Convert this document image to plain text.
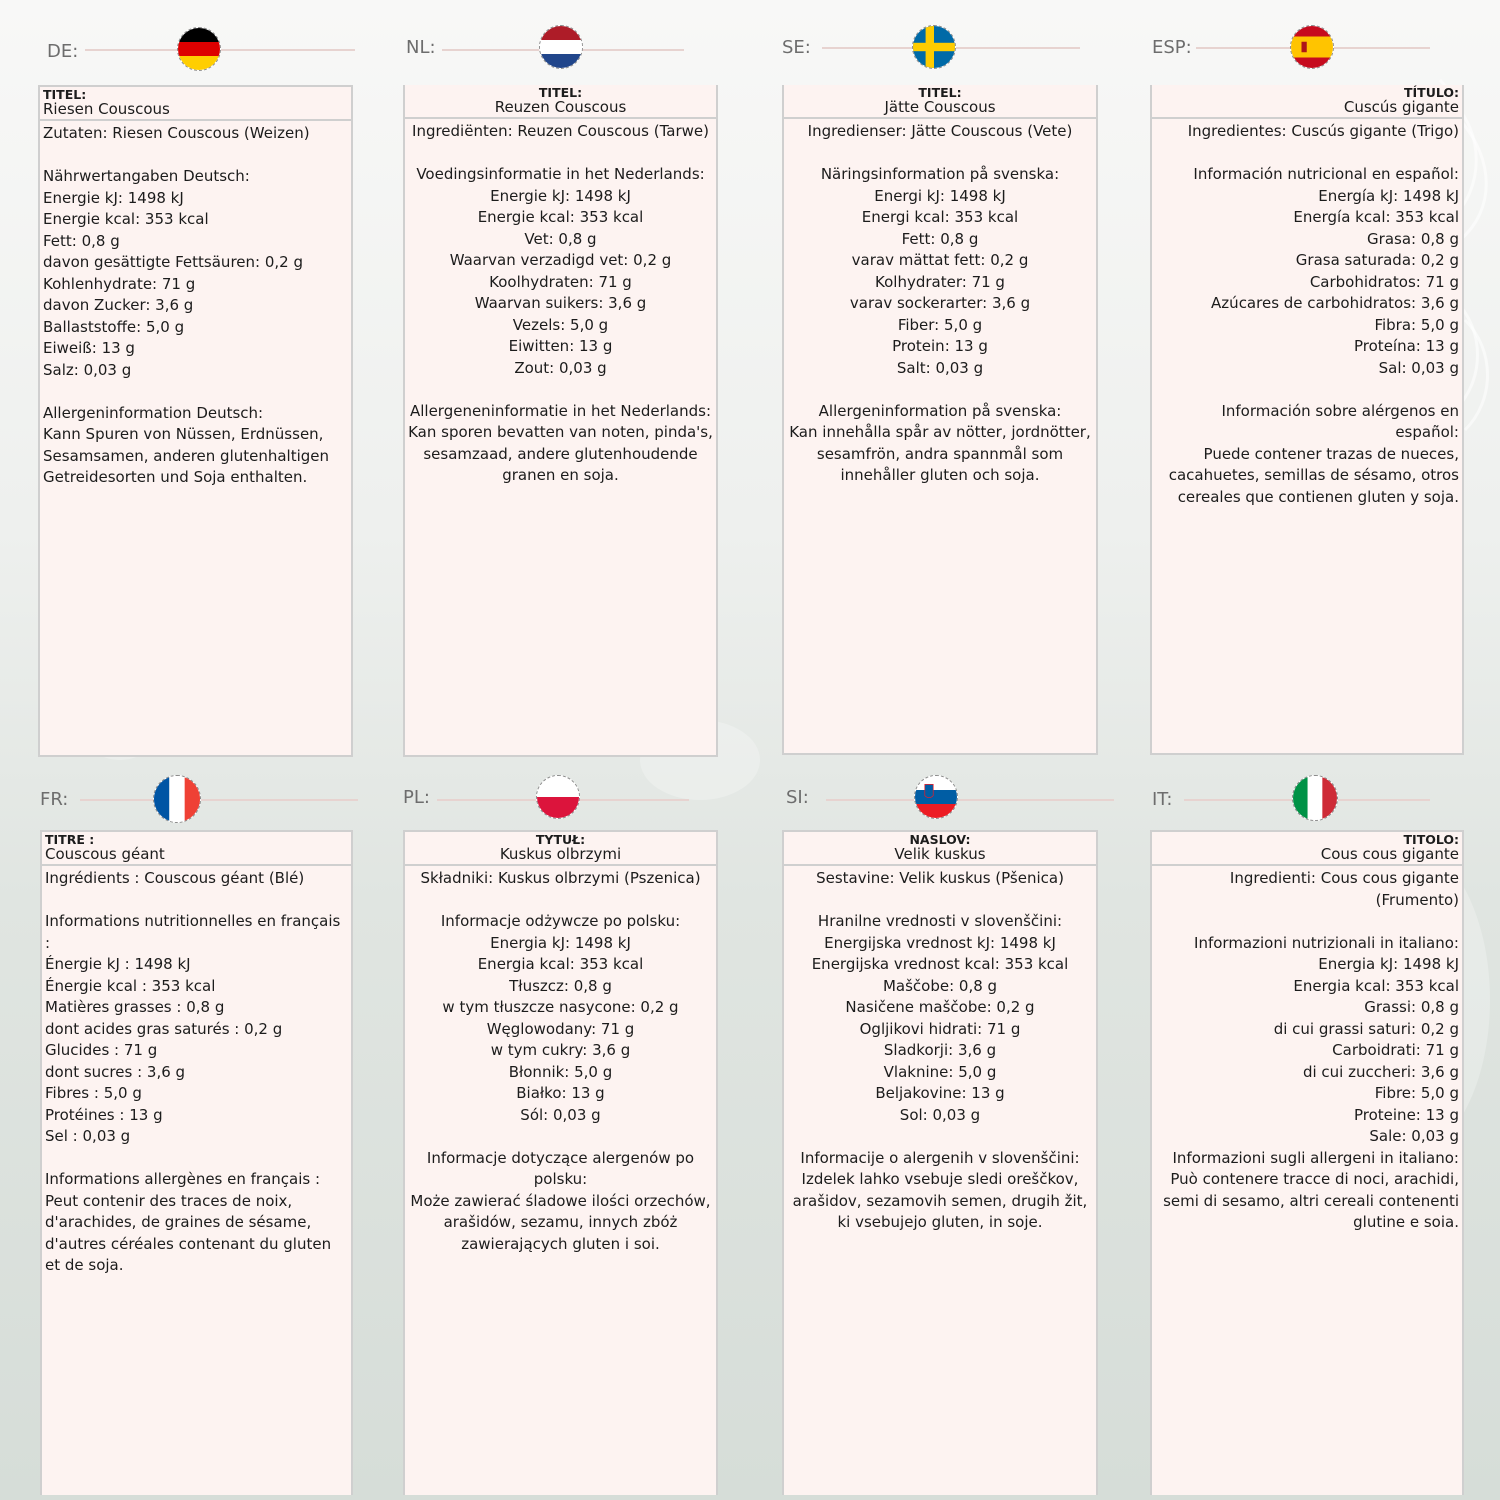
DE:
TITEL:
Riesen Couscous
Zutaten: Riesen Couscous (Weizen)

Nährwertangaben Deutsch:
Energie kJ: 1498 kJ
Energie kcal: 353 kcal
Fett: 0,8 g
davon gesättigte Fettsäuren: 0,2 g
Kohlenhydrate: 71 g
davon Zucker: 3,6 g
Ballaststoffe: 5,0 g
Eiweiß: 13 g
Salz: 0,03 g

Allergeninformation Deutsch:
Kann Spuren von Nüssen, Erdnüssen, Sesamsamen, anderen glutenhaltigen Getreidesorten und Soja enthalten.
NL:
TITEL:
Reuzen Couscous
Ingrediënten: Reuzen Couscous (Tarwe)

Voedingsinformatie in het Nederlands:
Energie kJ: 1498 kJ
Energie kcal: 353 kcal
Vet: 0,8 g
Waarvan verzadigd vet: 0,2 g
Koolhydraten: 71 g
Waarvan suikers: 3,6 g
Vezels: 5,0 g
Eiwitten: 13 g
Zout: 0,03 g

Allergeneninformatie in het Nederlands:
Kan sporen bevatten van noten, pinda's, sesamzaad, andere glutenhoudende granen en soja.
SE:
TITEL:
Jätte Couscous
Ingredienser: Jätte Couscous (Vete)

Näringsinformation på svenska:
Energi kJ: 1498 kJ
Energi kcal: 353 kcal
Fett: 0,8 g
varav mättat fett: 0,2 g
Kolhydrater: 71 g
varav sockerarter: 3,6 g
Fiber: 5,0 g
Protein: 13 g
Salt: 0,03 g

Allergeninformation på svenska:
Kan innehålla spår av nötter, jordnötter, sesamfrön, andra spannmål som innehåller gluten och soja.
ESP:
TÍTULO:
Cuscús gigante
Ingredientes: Cuscús gigante (Trigo)

Información nutricional en español:
Energía kJ: 1498 kJ
Energía kcal: 353 kcal
Grasa: 0,8 g
Grasa saturada: 0,2 g
Carbohidratos: 71 g
Azúcares de carbohidratos: 3,6 g
Fibra: 5,0 g
Proteína: 13 g
Sal: 0,03 g

Información sobre alérgenos en español:
Puede contener trazas de nueces, cacahuetes, semillas de sésamo, otros cereales que contienen gluten y soja.
FR:
TITRE :
Couscous géant
Ingrédients : Couscous géant (Blé)

Informations nutritionnelles en français :
Énergie kJ : 1498 kJ
Énergie kcal : 353 kcal
Matières grasses : 0,8 g
dont acides gras saturés : 0,2 g
Glucides : 71 g
dont sucres : 3,6 g
Fibres : 5,0 g
Protéines : 13 g
Sel : 0,03 g

Informations allergènes en français :
Peut contenir des traces de noix, d'arachides, de graines de sésame, d'autres céréales contenant du gluten et de soja.
PL:
TYTUŁ:
Kuskus olbrzymi
Składniki: Kuskus olbrzymi (Pszenica)

Informacje odżywcze po polsku:
Energia kJ: 1498 kJ
Energia kcal: 353 kcal
Tłuszcz: 0,8 g
w tym tłuszcze nasycone: 0,2 g
Węglowodany: 71 g
w tym cukry: 3,6 g
Błonnik: 5,0 g
Białko: 13 g
Sól: 0,03 g

Informacje dotyczące alergenów po polsku:
Może zawierać śladowe ilości orzechów, arašidów, sezamu, innych zbóż zawierających gluten i soi.
SI:
NASLOV:
Velik kuskus
Sestavine: Velik kuskus (Pšenica)

Hranilne vrednosti v slovenščini:
Energijska vrednost kJ: 1498 kJ
Energijska vrednost kcal: 353 kcal
Maščobe: 0,8 g
Nasičene maščobe: 0,2 g
Ogljikovi hidrati: 71 g
Sladkorji: 3,6 g
Vlaknine: 5,0 g
Beljakovine: 13 g
Sol: 0,03 g

Informacije o alergenih v slovenščini:
Izdelek lahko vsebuje sledi oreščkov, arašidov, sezamovih semen, drugih žit, ki vsebujejo gluten, in soje.
IT:
TITOLO:
Cous cous gigante
Ingredienti: Cous cous gigante (Frumento)

Informazioni nutrizionali in italiano:
Energia kJ: 1498 kJ
Energia kcal: 353 kcal
Grassi: 0,8 g
di cui grassi saturi: 0,2 g
Carboidrati: 71 g
di cui zuccheri: 3,6 g
Fibre: 5,0 g
Proteine: 13 g
Sale: 0,03 g
Informazioni sugli allergeni in italiano:
Può contenere tracce di noci, arachidi, semi di sesamo, altri cereali contenenti glutine e soia.
